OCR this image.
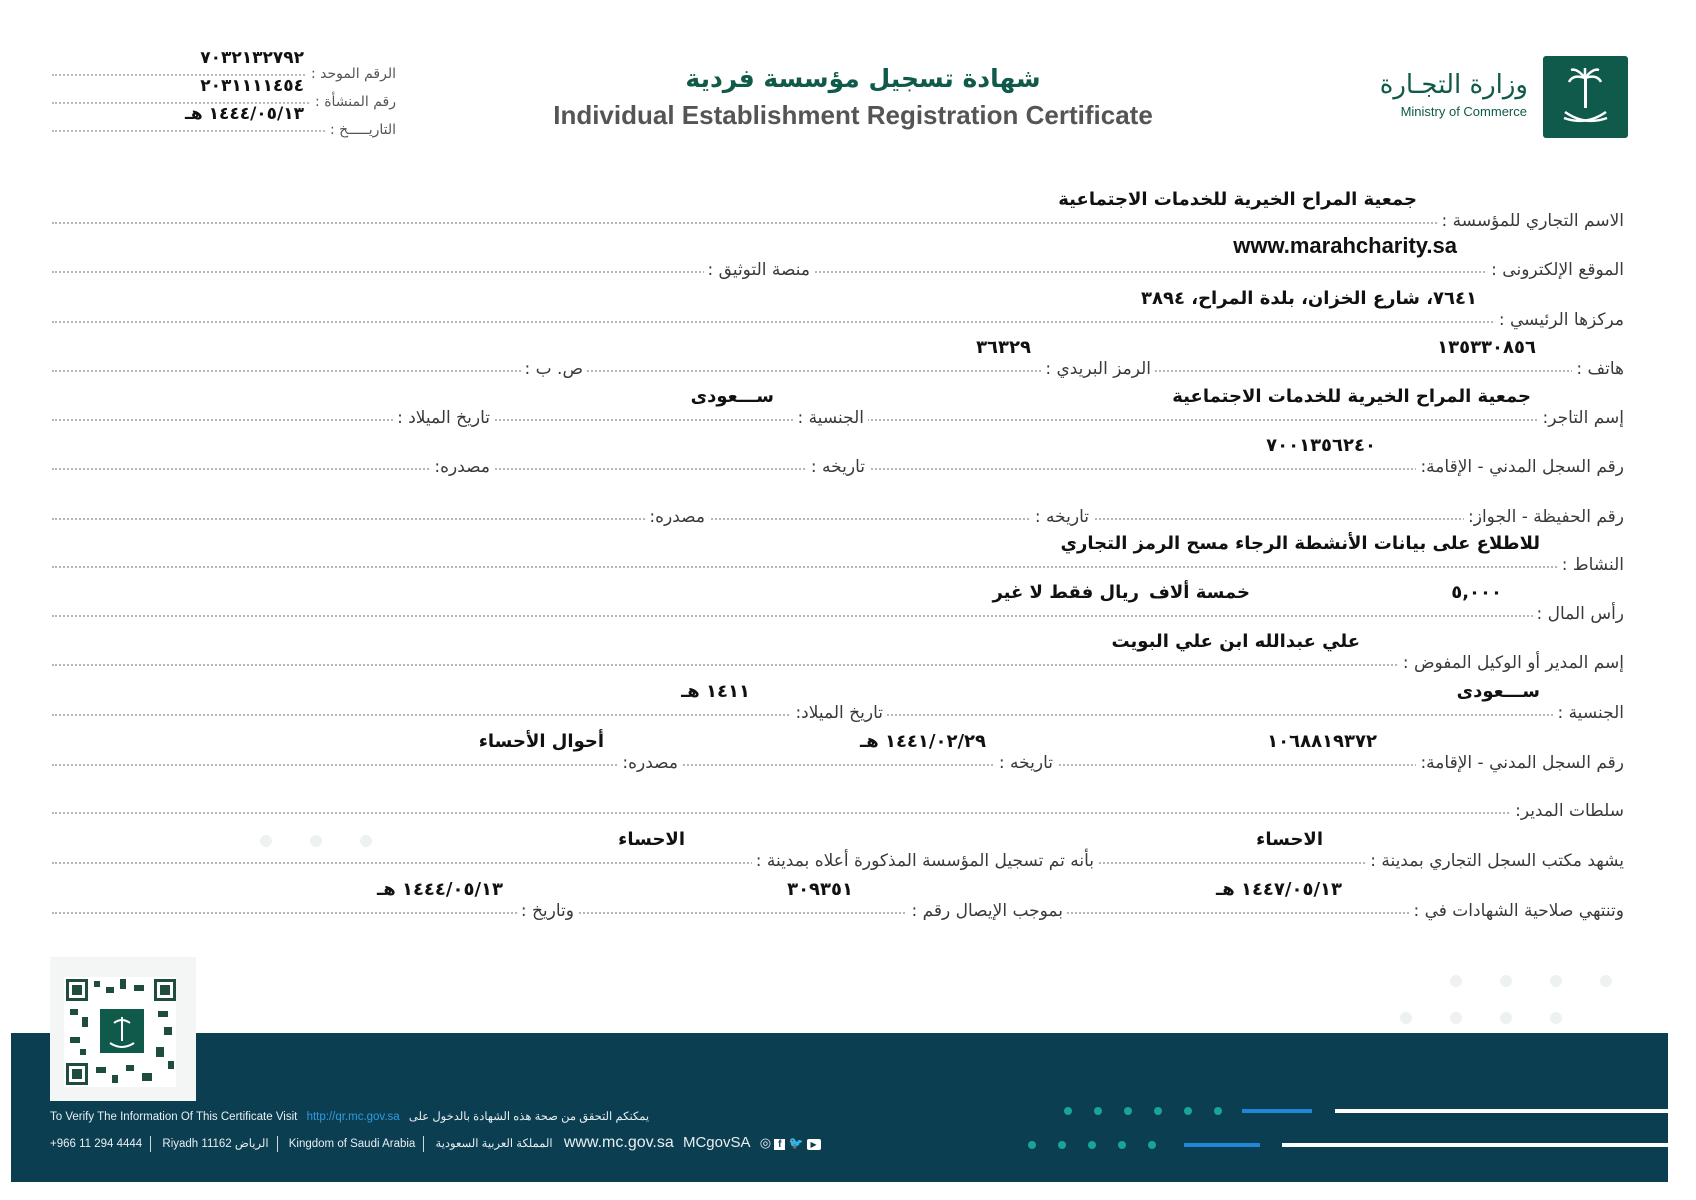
وزارة التجـارة
Ministry of Commerce
شهادة تسجيل مؤسسة فردية
Individual Establishment Registration Certificate
الرقم الموحد :
٧٠٣٢١٣٢٧٩٢
رقم المنشأة :
٢٠٣١١١١٤٥٤
التاريـــــخ :
١٤٤٤/٠٥/١٣ هـ
الاسم التجاري للمؤسسة :
جمعية المراح الخيرية للخدمات الاجتماعية
الموقع الإلكترونى :
www.marahcharity.sa
منصة التوثيق :
مركزها الرئيسي :
٧٦٤١، شارع الخزان، بلدة المراح، ٣٨٩٤
هاتف :
١٣٥٣٣٠٨٥٦
الرمز البريدي :
٣٦٣٢٩
ص. ب :
إسم التاجر:
جمعية المراح الخيرية للخدمات الاجتماعية
الجنسية :
ســـعودى
تاريخ الميلاد :
رقم السجل المدني - الإقامة:
٧٠٠١٣٥٦٢٤٠
تاريخه :
مصدره:
رقم الحفيظة - الجواز:
تاريخه :
مصدره:
النشاط :
للاطلاع على بيانات الأنشطة الرجاء مسح الرمز التجاري
رأس المال :
٥,٠٠٠
خمسة ألاف
ريال فقط لا غير
إسم المدير أو الوكيل المفوض :
علي عبدالله ابن علي البويت
الجنسية :
ســـعودى
تاريخ الميلاد:
١٤١١ هـ
رقم السجل المدني - الإقامة:
١٠٦٨٨١٩٣٧٢
تاريخه :
١٤٤١/٠٢/٢٩ هـ
مصدره:
أحوال الأحساء
سلطات المدير:
يشهد مكتب السجل التجاري بمدينة :
الاحساء
بأنه تم تسجيل المؤسسة المذكورة أعلاه بمدينة :
الاحساء
وتنتهي صلاحية الشهادات في :
١٤٤٧/٠٥/١٣ هـ
بموجب الإيصال رقم :
٣٠٩٣٥١
وتاريخ :
١٤٤٤/٠٥/١٣ هـ
To Verify The Information Of This Certificate Visit http://qr.mc.gov.sa يمكنكم التحقق من صحة هذه الشهادة بالدخول على
+966 11 294 4444 Riyadh 11162 الرياض Kingdom of Saudi Arabia المملكة العربية السعودية www.mc.gov.sa MCgovSA ◎ f 🐦 ▶
